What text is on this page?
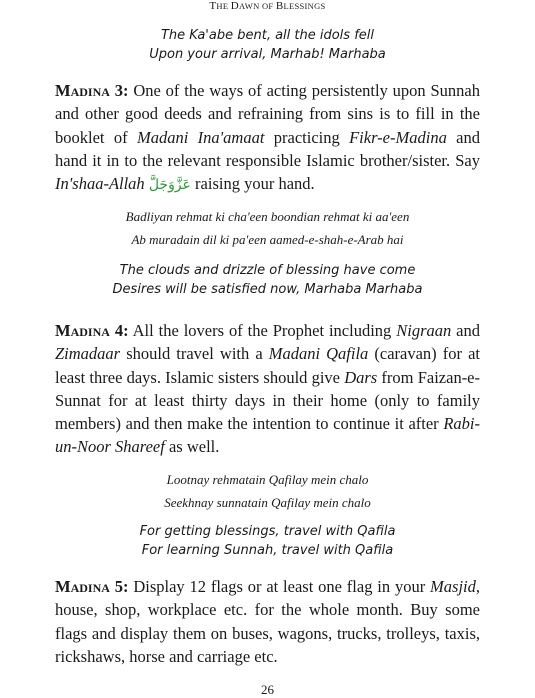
THE DAWN OF BLESSINGS
The Ka'abe bent, all the idols fell
Upon your arrival, Marhab! Marhaba
Madina 3: One of the ways of acting persistently upon Sunnah and other good deeds and refraining from sins is to fill in the booklet of Madani Ina'amaat practicing Fikr-e-Madina and hand it in to the relevant responsible Islamic brother/sister. Say In'shaa-Allah عَزَّوَجَلَّ raising your hand.
Badliyan rehmat ki cha'een boondian rehmat ki aa'een
Ab muradain dil ki pa'een aamed-e-shah-e-Arab hai
The clouds and drizzle of blessing have come
Desires will be satisfied now, Marhaba Marhaba
Madina 4: All the lovers of the Prophet including Nigraan and Zimadaar should travel with a Madani Qafila (caravan) for at least three days. Islamic sisters should give Dars from Faizan-e-Sunnat for at least thirty days in their home (only to family members) and then make the intention to continue it after Rabi-un-Noor Shareef as well.
Lootnay rehmatain Qafilay mein chalo
Seekhnay sunnatain Qafilay mein chalo
For getting blessings, travel with Qafila
For learning Sunnah, travel with Qafila
Madina 5: Display 12 flags or at least one flag in your Masjid, house, shop, workplace etc. for the whole month. Buy some flags and display them on buses, wagons, trucks, trolleys, taxis, rickshaws, horse and carriage etc.
26
